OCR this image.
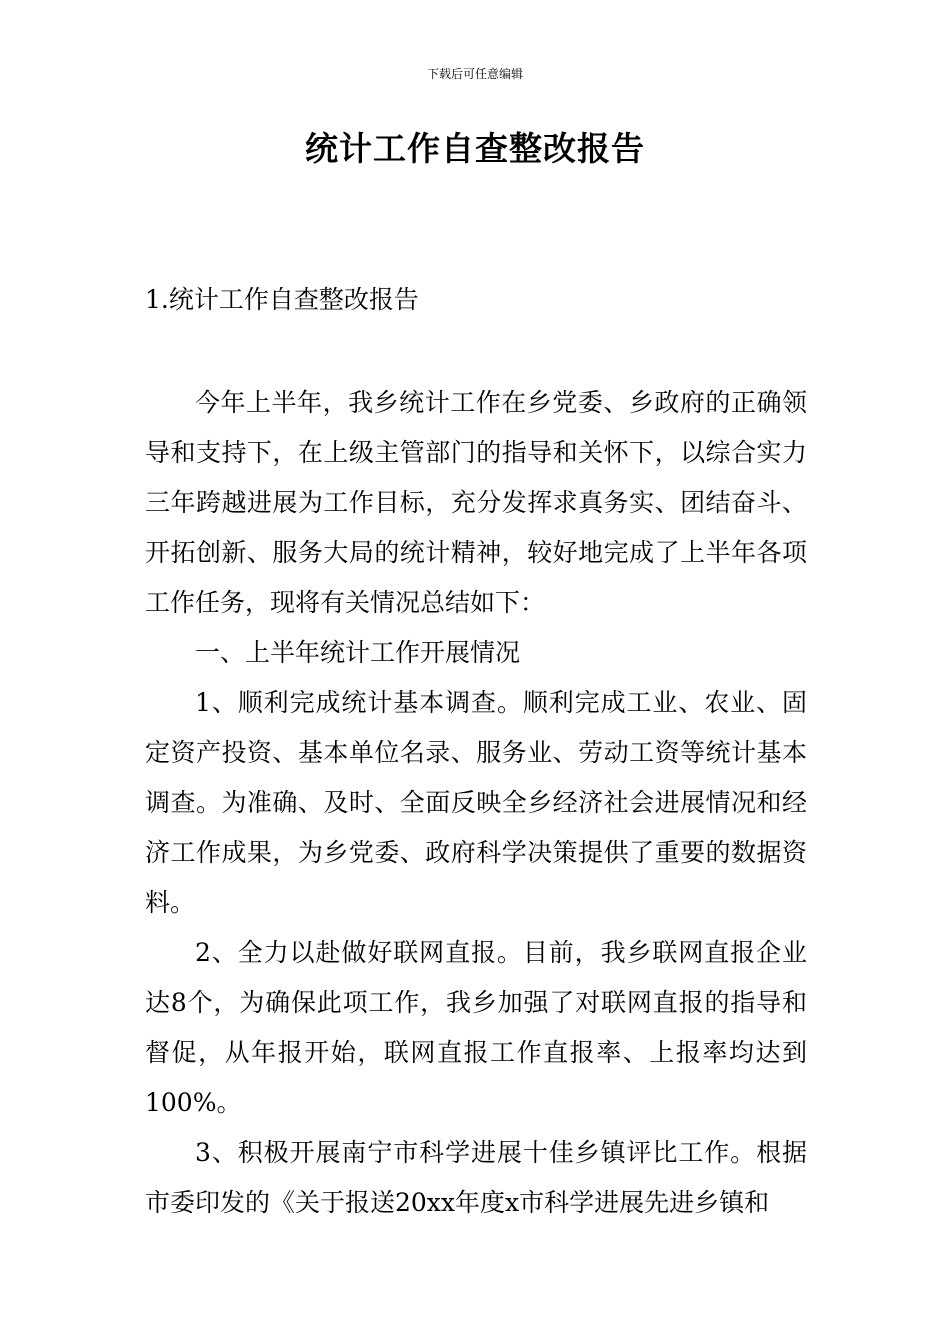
下载后可任意编辑
统计工作自查整改报告
1.统计工作自查整改报告

今年上半年，我乡统计工作在乡党委、乡政府的正确领导和支持下，在上级主管部门的指导和关怀下，以综合实力三年跨越进展为工作目标，充分发挥求真务实、团结奋斗、开拓创新、服务大局的统计精神，较好地完成了上半年各项工作任务，现将有关情况总结如下：

一、上半年统计工作开展情况

1、顺利完成统计基本调查。顺利完成工业、农业、固定资产投资、基本单位名录、服务业、劳动工资等统计基本调查。为准确、及时、全面反映全乡经济社会进展情况和经济工作成果，为乡党委、政府科学决策提供了重要的数据资料。

2、全力以赴做好联网直报。目前，我乡联网直报企业达8个，为确保此项工作，我乡加强了对联网直报的指导和督促，从年报开始，联网直报工作直报率、上报率均达到100%。

3、积极开展南宁市科学进展十佳乡镇评比工作。根据市委印发的《关于报送20xx年度x市科学进展先进乡镇和
